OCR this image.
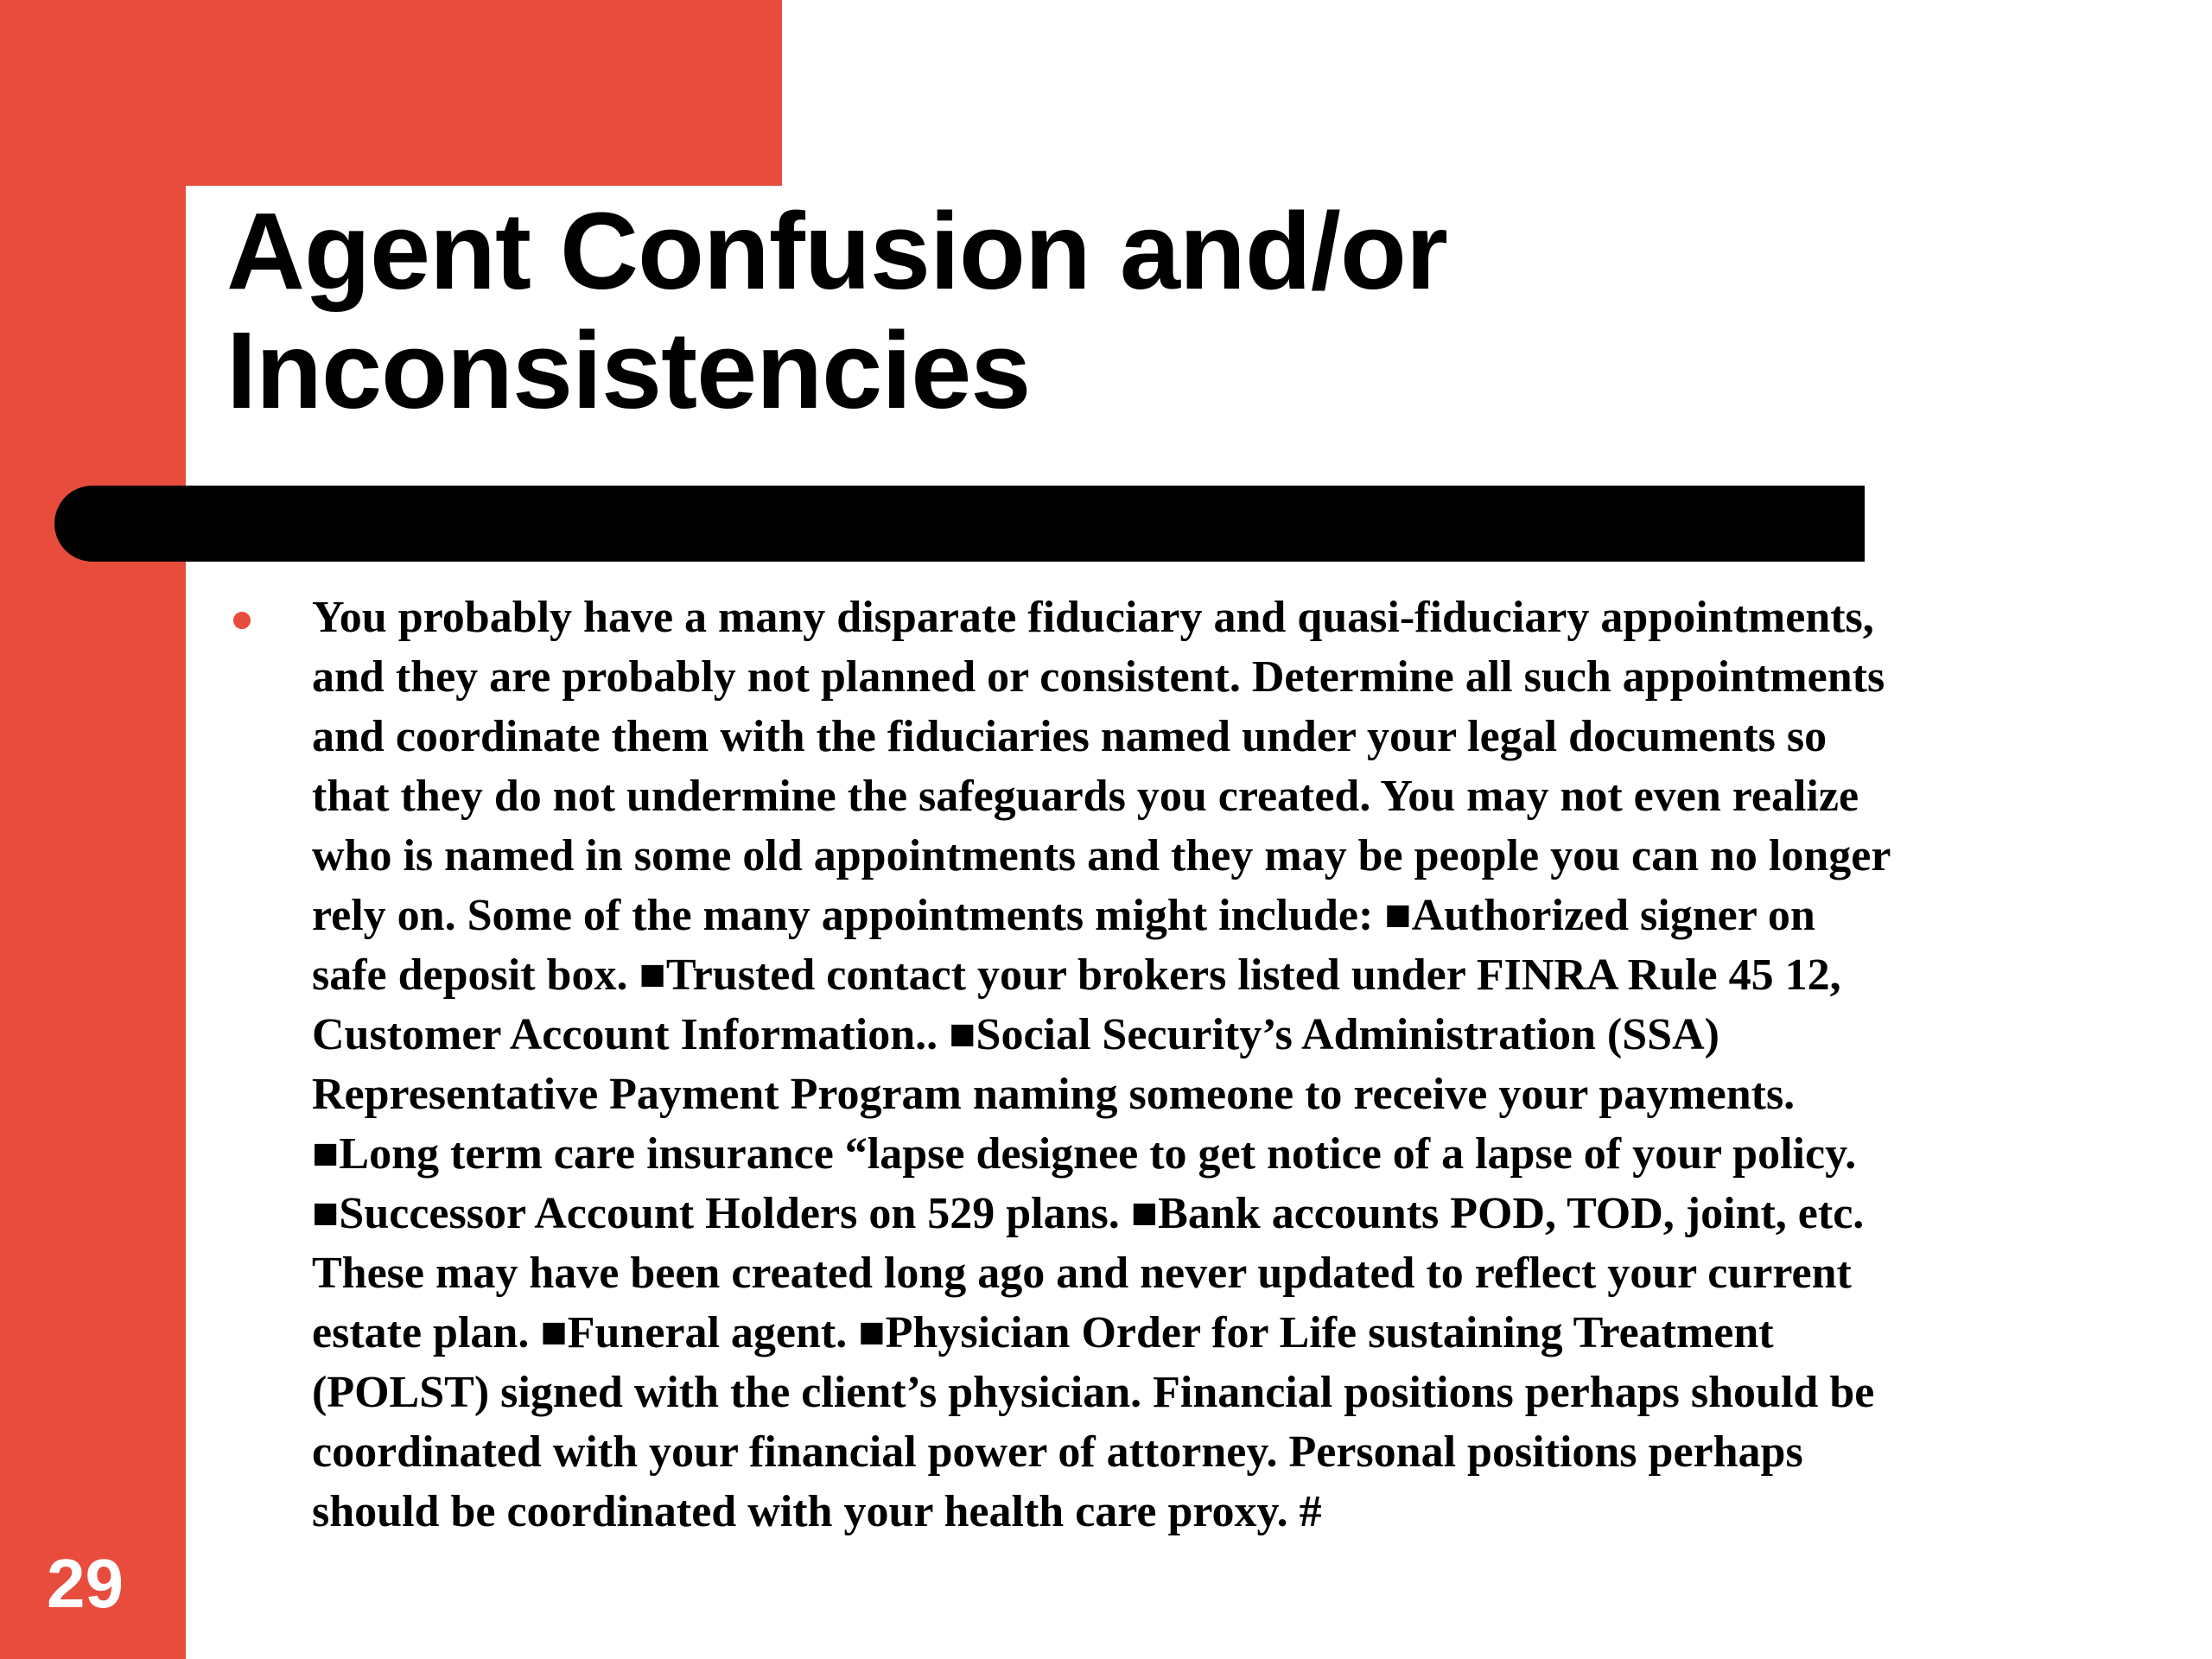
Agent Confusion and/or
Inconsistencies

You probably have a many disparate fiduciary and quasi-fiduciary appointments,
and they are probably not planned or consistent. Determine all such appointments
and coordinate them with the fiduciaries named under your legal documents so
that they do not undermine the safeguards you created. You may not even realize
who is named in some old appointments and they may be people you can no longer
rely on. Some of the many appointments might include: ■Authorized signer on
safe deposit box. ■Trusted contact your brokers listed under FINRA Rule 45 12,
Customer Account Information.. ■Social Security’s Administration (SSA)
Representative Payment Program naming someone to receive your payments.
■Long term care insurance “lapse designee to get notice of a lapse of your policy.
■Successor Account Holders on 529 plans. ■Bank accounts POD, TOD, joint, etc.
These may have been created long ago and never updated to reflect your current
estate plan. ■Funeral agent. ■Physician Order for Life sustaining Treatment
(POLST) signed with the client’s physician. Financial positions perhaps should be
coordinated with your financial power of attorney. Personal positions perhaps
should be coordinated with your health care proxy. #

29
